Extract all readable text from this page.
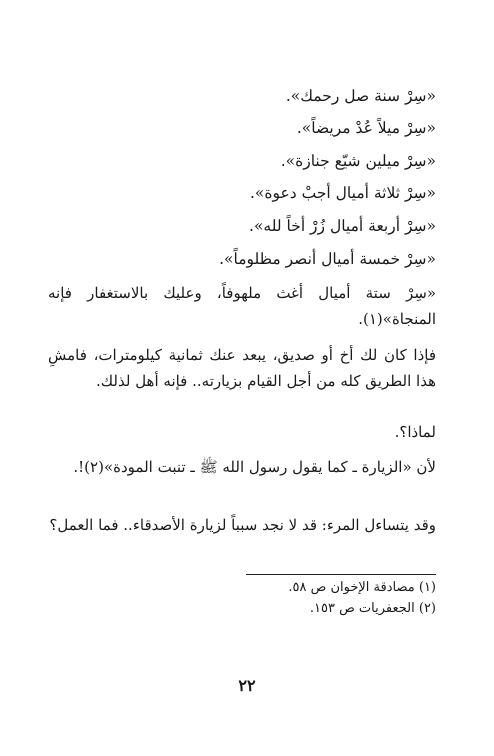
«سِرْ سنة صل رحمك».
«سِرْ ميلاً عُدْ مريضاً».
«سِرْ ميلين شيّع جنازة».
«سِرْ ثلاثة أميال أجبْ دعوة».
«سِرْ أربعة أميال زُرْ أخاً لله».
«سِرْ خمسة أميال أنصر مظلوماً».
«سِرْ ستة أميال أغث ملهوفاً، وعليك بالاستغفار فإنه المنجاة»(١).
فإذا كان لك أخ أو صديق، يبعد عنك ثمانية كيلومترات، فامشِ هذا الطريق كله من أجل القيام بزيارته.. فإنه أهل لذلك.
لماذا؟.
لأن «الزيارة ـ كما يقول رسول الله ﷺ ـ تنبت المودة»(٢)!.
وقد يتساءل المرء: قد لا نجد سبباً لزيارة الأصدقاء.. فما العمل؟
(١) مصادقة الإخوان ص ٥٨.
(٢) الجعفريات ص ١٥٣.
٢٢
